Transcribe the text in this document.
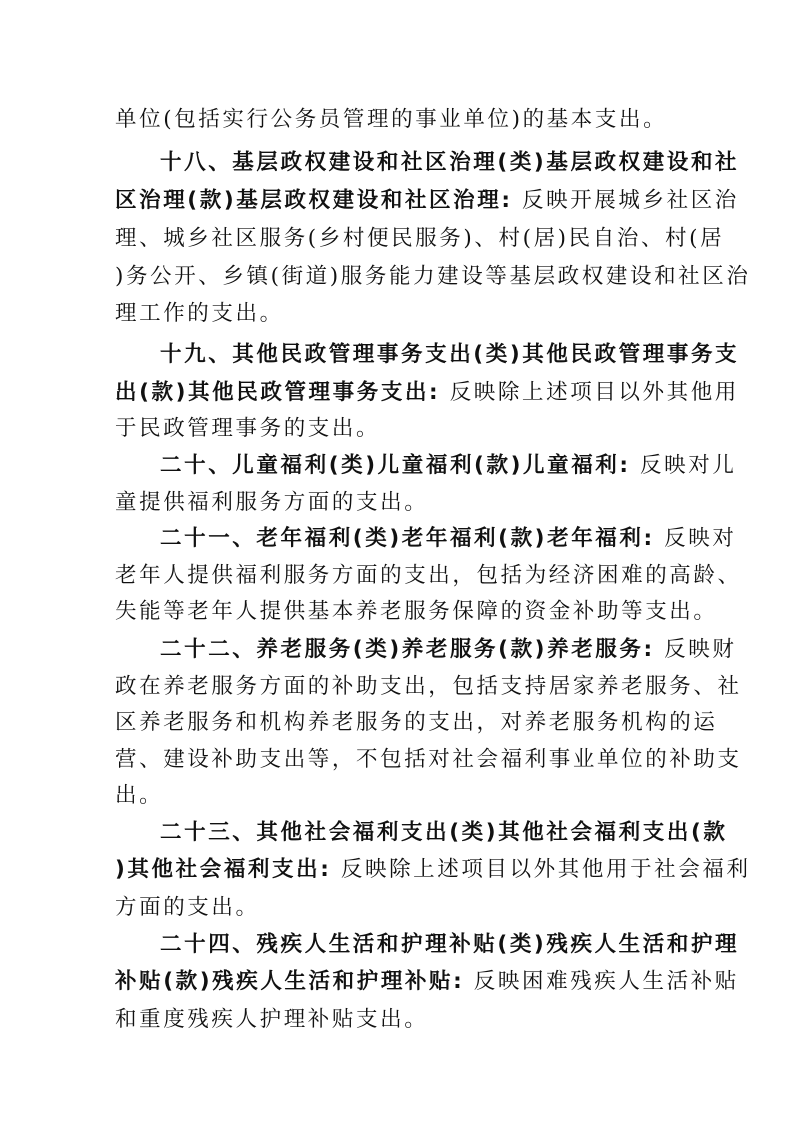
单位(包括实行公务员管理的事业单位)的基本支出。
十八、基层政权建设和社区治理(类)基层政权建设和社
区治理(款)基层政权建设和社区治理: 反映开展城乡社区治
理、城乡社区服务(乡村便民服务)、村(居)民自治、村(居
)务公开、乡镇(街道)服务能力建设等基层政权建设和社区治
理工作的支出。
十九、其他民政管理事务支出(类)其他民政管理事务支
出(款)其他民政管理事务支出: 反映除上述项目以外其他用
于民政管理事务的支出。
二十、儿童福利(类)儿童福利(款)儿童福利: 反映对儿
童提供福利服务方面的支出。
二十一、老年福利(类)老年福利(款)老年福利: 反映对
老年人提供福利服务方面的支出，包括为经济困难的高龄、
失能等老年人提供基本养老服务保障的资金补助等支出。
二十二、养老服务(类)养老服务(款)养老服务: 反映财
政在养老服务方面的补助支出，包括支持居家养老服务、社
区养老服务和机构养老服务的支出，对养老服务机构的运
营、建设补助支出等，不包括对社会福利事业单位的补助支
出。
二十三、其他社会福利支出(类)其他社会福利支出(款
)其他社会福利支出: 反映除上述项目以外其他用于社会福利
方面的支出。
二十四、残疾人生活和护理补贴(类)残疾人生活和护理
补贴(款)残疾人生活和护理补贴: 反映困难残疾人生活补贴
和重度残疾人护理补贴支出。
